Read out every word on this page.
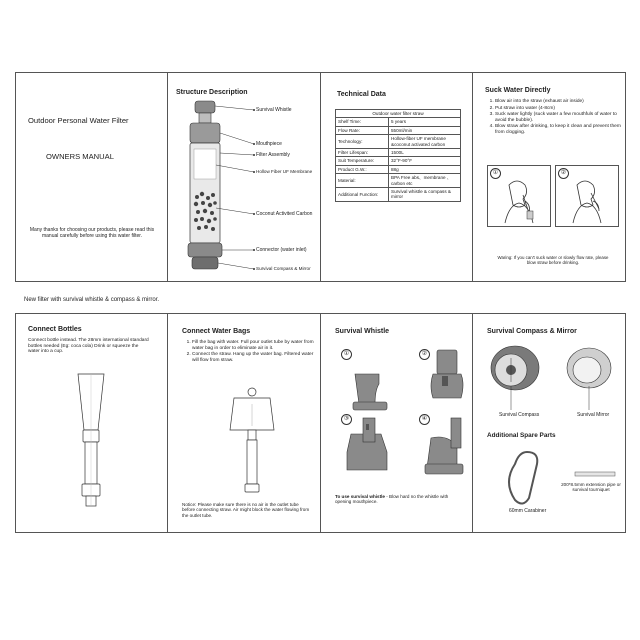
Outdoor Personal Water Filter
OWNERS MANUAL
Many thanks for choosing our products, please read this manual carefully before using this water filter.
Structure Description
Survival Whistle
Mouthpiece
Filter Assembly
Hollow Fiber UF Membrane
Coconut Activited Carbon
Connector (water inlet)
Survival Compass & Mirror
Technical Data
Outdoor water filter straw	
Shelf Time:	5 years
Flow Rate:	550ml/min
Technology:	Hollow-fiber UF membrane &coconut activated carbon
Filter Lifespan:	1500L
Suit Temperature:	32°F-90°F
Product G.W.:	88g
Material:	BPA Free abs、membrane 、carbon etc
Additional Function:	Survival whistle & compass & mirror
Suck Water Directly
1. Blow air into the straw (exhaust air inside)
2. Put straw into water (4-8cm)
3. Suck water lightly (suck water a few mouthfuls of water to avoid the bubble).
4. Blow straw after drinking, to keep it clean and prevent them from clogging.
①	②
Waring: If you can't suck water or slowly flow rate, please blow straw before drinking.
New filter with survival whistle & compass & mirror.
Connect Bottles
Connect bottle instead. The 28mm international standard bottles needed (Eg: coca cola) Drink or squeeze the water into a cup.
Connect Water Bags
1. Fill the bag with water. Full pour outlet tube by water from water bag in order to eliminate air in it.
2. Connect the straw. Hang up the water bag. Filtered water will flow from straw.
Notice: Please make sure there is no air in the outlet tube before connecting straw. Air might block the water flowing from the outlet tube.
Survival Whistle
①	②
③	④
To use survival whistle - Blow hard no the whistle with opening mouthpiece.
Survival Compass & Mirror
Survival Compass	Survival Mirror
Additional Spare Parts
60mm Carabiner
200*8.5mm extension pipe or survival tourniquet
